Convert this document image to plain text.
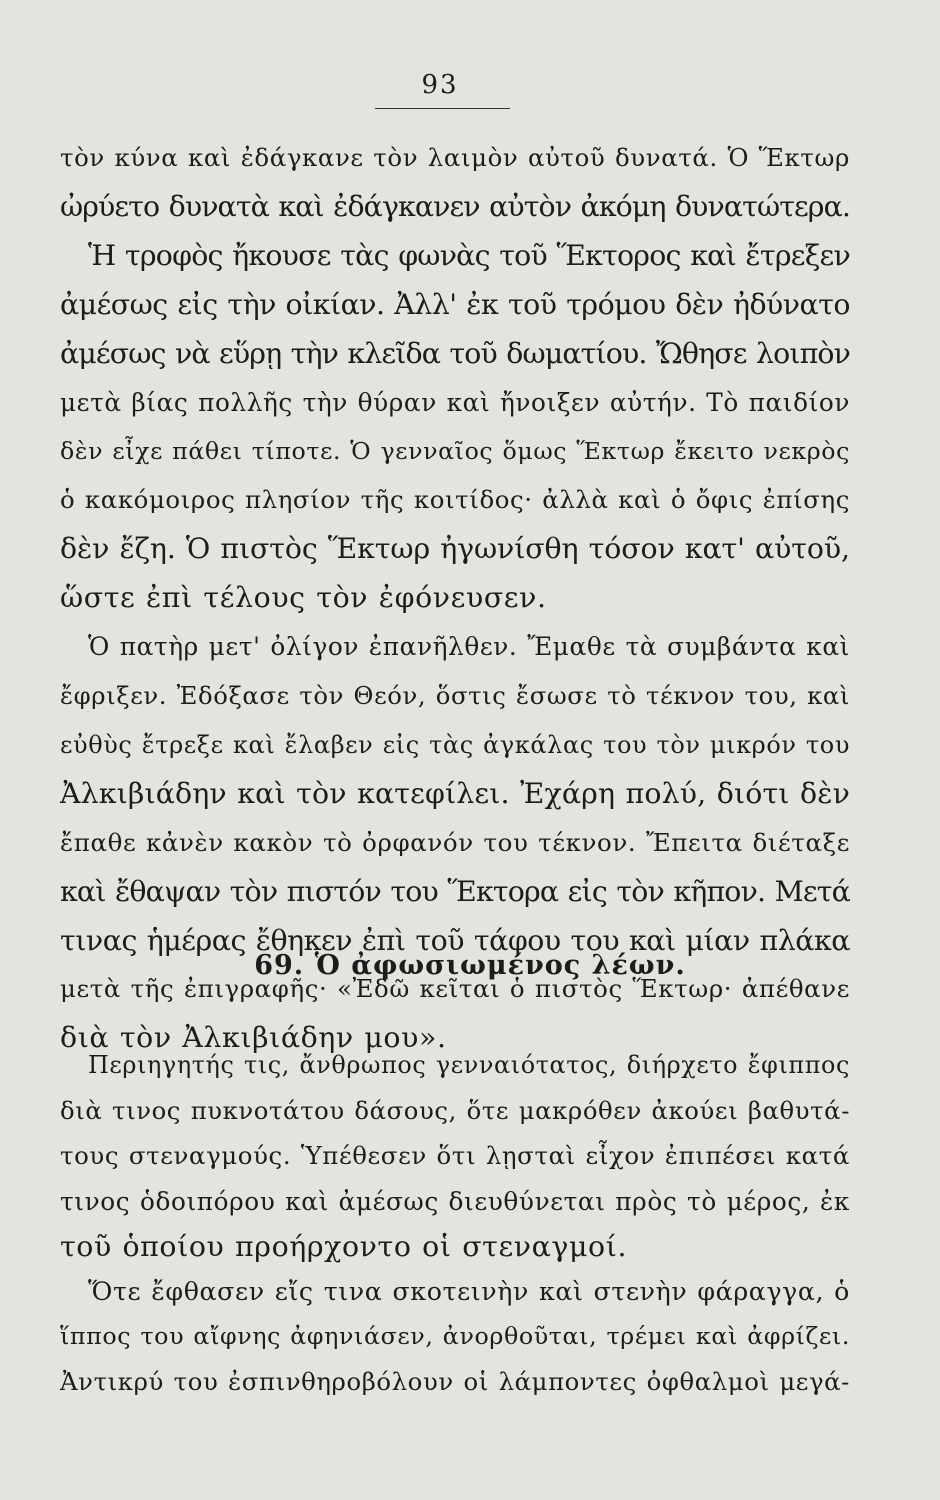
93
τὸν κύνα καὶ ἐδάγκανε τὸν λαιμὸν αὐτοῦ δυνατά. Ὁ Ἕκτωρ
ὠρύετο δυνατὰ καὶ ἐδάγκανεν αὐτὸν ἀκόμη δυνατώτερα.
Ἡ τροφὸς ἤκουσε τὰς φωνὰς τοῦ Ἕκτορος καὶ ἔτρεξεν
ἀμέσως εἰς τὴν οἰκίαν. Ἀλλ' ἐκ τοῦ τρόμου δὲν ἠδύνατο
ἀμέσως νὰ εὕρῃ τὴν κλεῖδα τοῦ δωματίου. Ὤθησε λοιπὸν
μετὰ βίας πολλῆς τὴν θύραν καὶ ἤνοιξεν αὐτήν. Τὸ παιδίον
δὲν εἶχε πάθει τίποτε. Ὁ γενναῖος ὅμως Ἕκτωρ ἔκειτο νεκρὸς
ὁ κακόμοιρος πλησίον τῆς κοιτίδος· ἀλλὰ καὶ ὁ ὄφις ἐπίσης
δὲν ἔζη. Ὁ πιστὸς Ἕκτωρ ἠγωνίσθη τόσον κατ' αὐτοῦ,
ὥστε ἐπὶ τέλους τὸν ἐφόνευσεν.
Ὁ πατὴρ μετ' ὀλίγον ἐπανῆλθεν. Ἔμαθε τὰ συμβάντα καὶ
ἔφριξεν. Ἐδόξασε τὸν Θεόν, ὅστις ἔσωσε τὸ τέκνον του, καὶ
εὐθὺς ἔτρεξε καὶ ἔλαβεν εἰς τὰς ἀγκάλας του τὸν μικρόν του
Ἀλκιβιάδην καὶ τὸν κατεφίλει. Ἐχάρη πολύ, διότι δὲν
ἔπαθε κἀνὲν κακὸν τὸ ὀρφανόν του τέκνον. Ἔπειτα διέταξε
καὶ ἔθαψαν τὸν πιστόν του Ἕκτορα εἰς τὸν κῆπον. Μετά
τινας ἡμέρας ἔθηκεν ἐπὶ τοῦ τάφου του καὶ μίαν πλάκα
μετὰ τῆς ἐπιγραφῆς· «Ἐδῶ κεῖται ὁ πιστὸς Ἕκτωρ· ἀπέθανε
διὰ τὸν Ἀλκιβιάδην μου».
69. Ὁ ἀφωσιωμένος λέων.
Περιηγητής τις, ἄνθρωπος γενναιότατος, διήρχετο ἔφιππος
διὰ τινος πυκνοτάτου δάσους, ὅτε μακρόθεν ἀκούει βαθυτά-
τους στεναγμούς. Ὑπέθεσεν ὅτι λῃσταὶ εἶχον ἐπιπέσει κατά
τινος ὁδοιπόρου καὶ ἀμέσως διευθύνεται πρὸς τὸ μέρος, ἐκ
τοῦ ὁποίου προήρχοντο οἱ στεναγμοί.
Ὅτε ἔφθασεν εἴς τινα σκοτεινὴν καὶ στενὴν φάραγγα, ὁ
ἵππος του αἴφνης ἀφηνιάσεν, ἀνορθοῦται, τρέμει καὶ ἀφρίζει.
Ἀντικρύ του ἐσπινθηροβόλουν οἱ λάμποντες ὀφθαλμοὶ μεγά-
